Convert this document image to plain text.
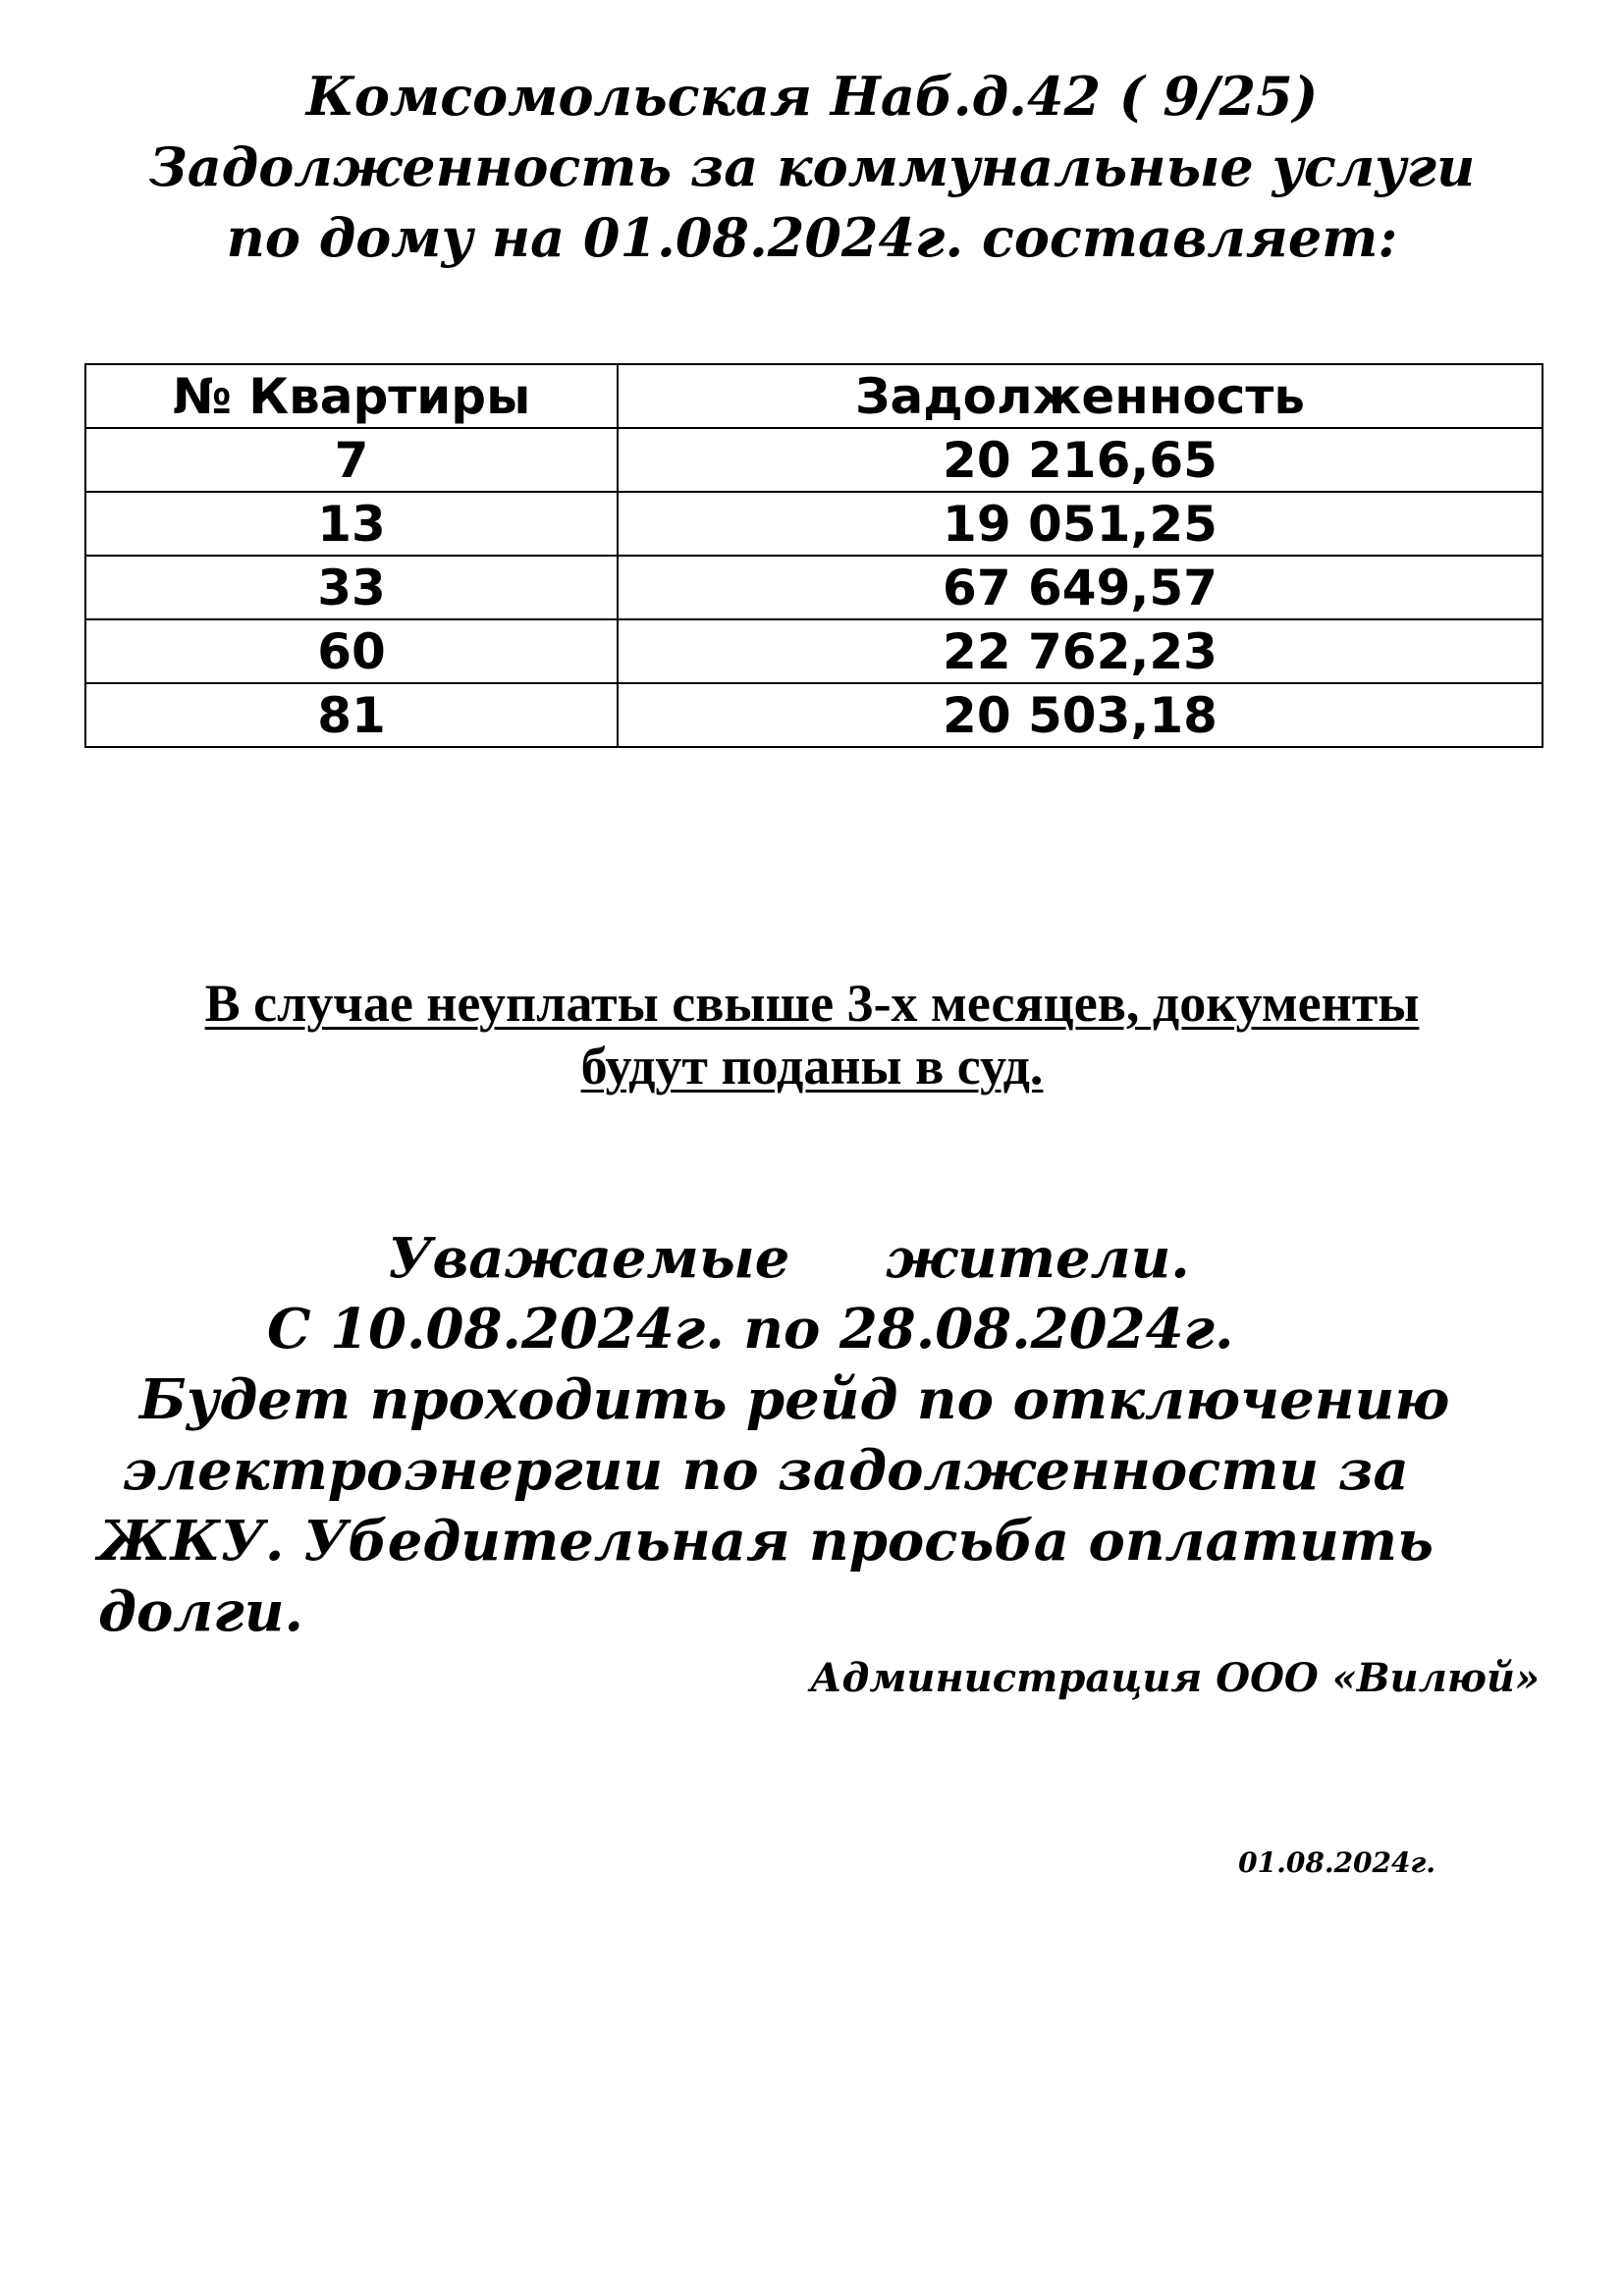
Комсомольская Наб.д.42 ( 9/25)
Задолженность за коммунальные услуги
по дому на 01.08.2024г. составляет:
№ Квартиры	Задолженность
7	20 216,65
13	19 051,25
33	67 649,57
60	22 762,23
81	20 503,18
В случае неуплаты свыше 3-х месяцев, документы
будут поданы в суд.
Уважаемые     жители.
С 10.08.2024г. по 28.08.2024г.
Будет проходить рейд по отключению
электроэнергии по задолженности за
ЖКУ. Убедительная просьба оплатить
долги.
Администрация ООО «Вилюй»
01.08.2024г.
